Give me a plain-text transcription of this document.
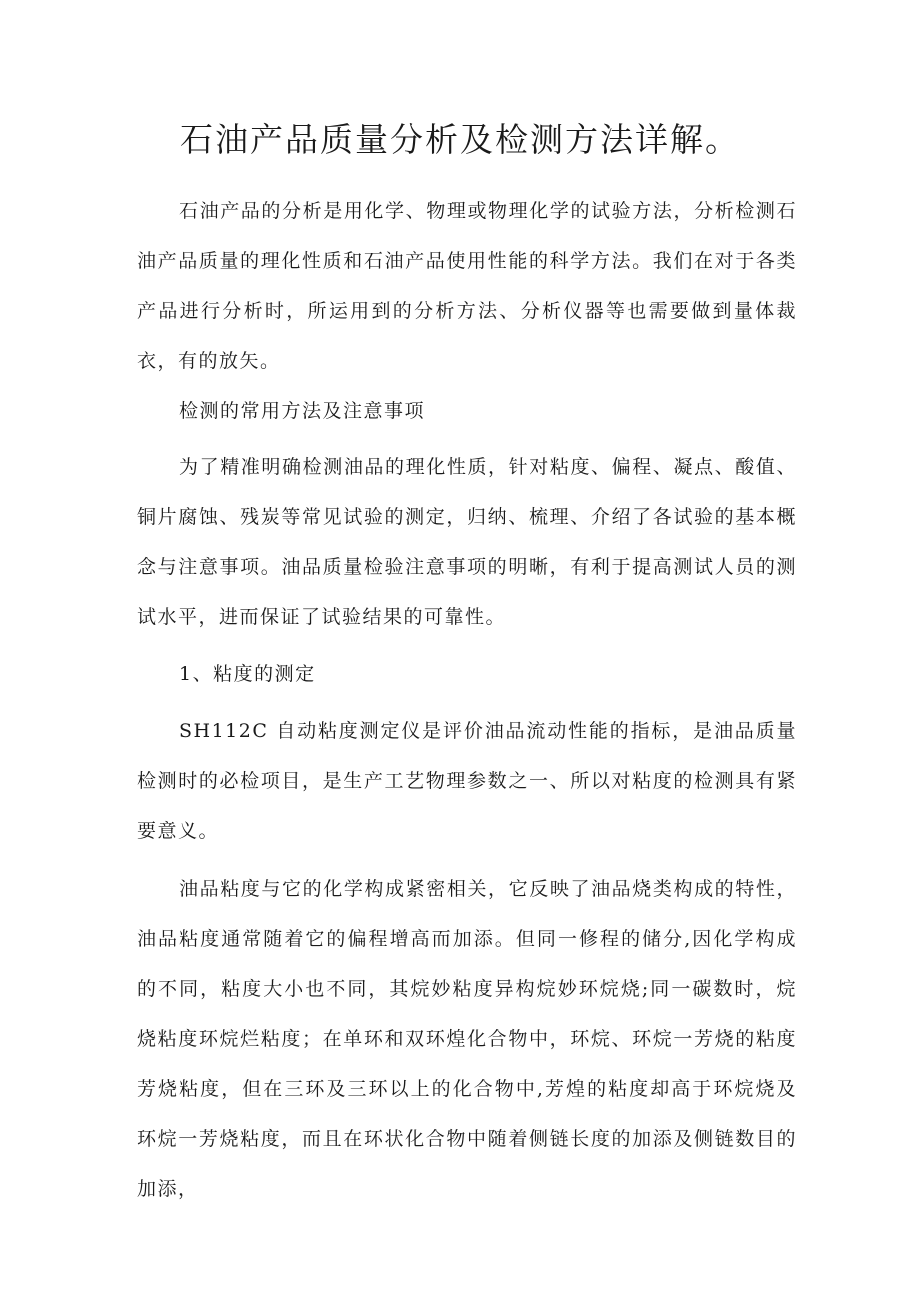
石油产品质量分析及检测方法详解。

石油产品的分析是用化学、物理或物理化学的试验方法，分析检测石油产品质量的理化性质和石油产品使用性能的科学方法。我们在对于各类产品进行分析时，所运用到的分析方法、分析仪器等也需要做到量体裁衣，有的放矢。

检测的常用方法及注意事项

为了精准明确检测油品的理化性质，针对粘度、偏程、凝点、酸值、铜片腐蚀、残炭等常见试验的测定，归纳、梳理、介绍了各试验的基本概念与注意事项。油品质量检验注意事项的明晰，有利于提高测试人员的测试水平，进而保证了试验结果的可靠性。

1、粘度的测定

SH112C 自动粘度测定仪是评价油品流动性能的指标，是油品质量检测时的必检项目，是生产工艺物理参数之一、所以对粘度的检测具有紧要意义。

油品粘度与它的化学构成紧密相关，它反映了油品烧类构成的特性，油品粘度通常随着它的偏程增高而加添。但同一修程的储分,因化学构成的不同，粘度大小也不同，其烷妙粘度异构烷妙环烷烧;同一碳数时，烷烧粘度环烷烂粘度；在单环和双环煌化合物中，环烷、环烷一芳烧的粘度芳烧粘度，但在三环及三环以上的化合物中,芳煌的粘度却高于环烷烧及环烷一芳烧粘度，而且在环状化合物中随着侧链长度的加添及侧链数目的加添，
